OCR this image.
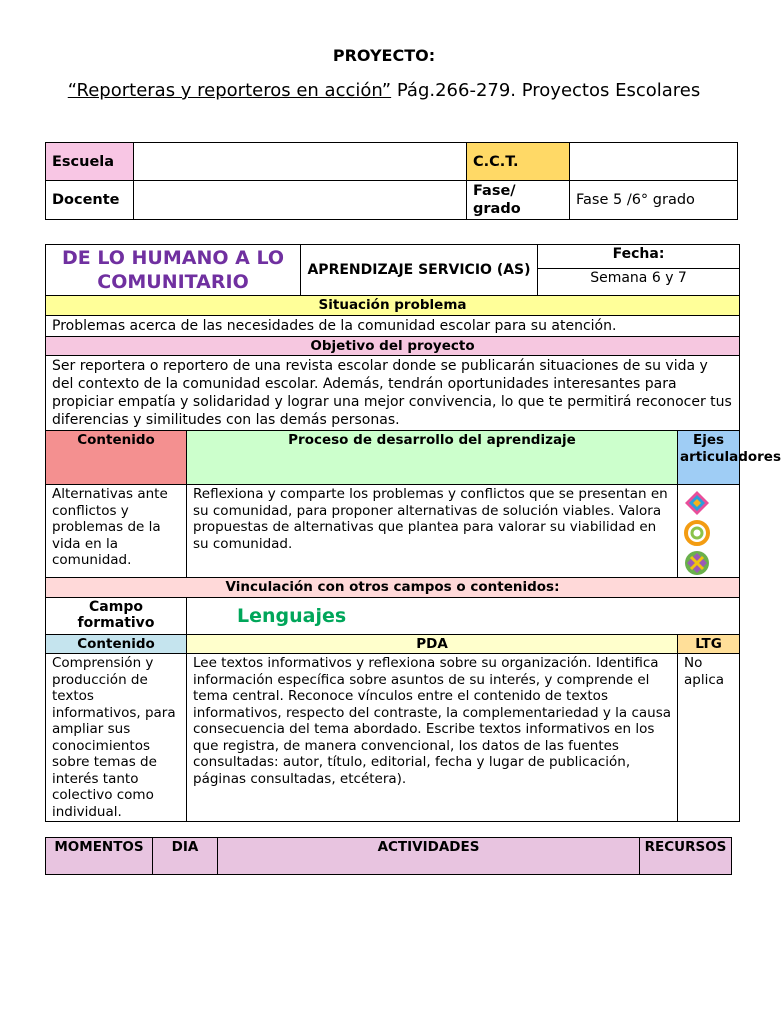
PROYECTO:
“Reporteras y reporteros en acción” Pág.266-279. Proyectos Escolares
Escuela		C.C.T.	
Docente		Fase/ grado	Fase 5 /6° grado
DE LO HUMANO A LO COMUNITARIO		APRENDIZAJE SERVICIO (AS)	Fecha:	
			Semana 6 y 7	
Situación problema				
Problemas acerca de las necesidades de la comunidad escolar para su atención.				
Objetivo del proyecto				
Ser reportera o reportero de una revista escolar donde se publicarán situaciones de su vida y del contexto de la comunidad escolar. Además, tendrán oportunidades interesantes para propiciar empatía y solidaridad y lograr una mejor convivencia, lo que te permitirá reconocer tus diferencias y similitudes con las demás personas.				
Contenido	Proceso de desarrollo del aprendizaje			Ejes articuladores
Alternativas ante conflictos y problemas de la vida en la comunidad.	Reflexiona y comparte los problemas y conflictos que se presentan en su comunidad, para proponer alternativas de solución viables. Valora propuestas de alternativas que plantea para valorar su viabilidad en su comunidad.	

Vinculación con otros campos o contenidos:				
Campo formativo	Lenguajes			
Contenido	PDA			LTG
Comprensión y producción de textos informativos, para ampliar sus conocimientos sobre temas de interés tanto colectivo como individual.	Lee textos informativos y reflexiona sobre su organización. Identifica información específica sobre asuntos de su interés, y comprende el tema central. Reconoce vínculos entre el contenido de textos informativos, respecto del contraste, la complementariedad y la causa consecuencia del tema abordado. Escribe textos informativos en los que registra, de manera convencional, los datos de las fuentes consultadas: autor, título, editorial, fecha y lugar de publicación, páginas consultadas, etcétera).			No aplica
MOMENTOS	DIA	ACTIVIDADES	RECURSOS
